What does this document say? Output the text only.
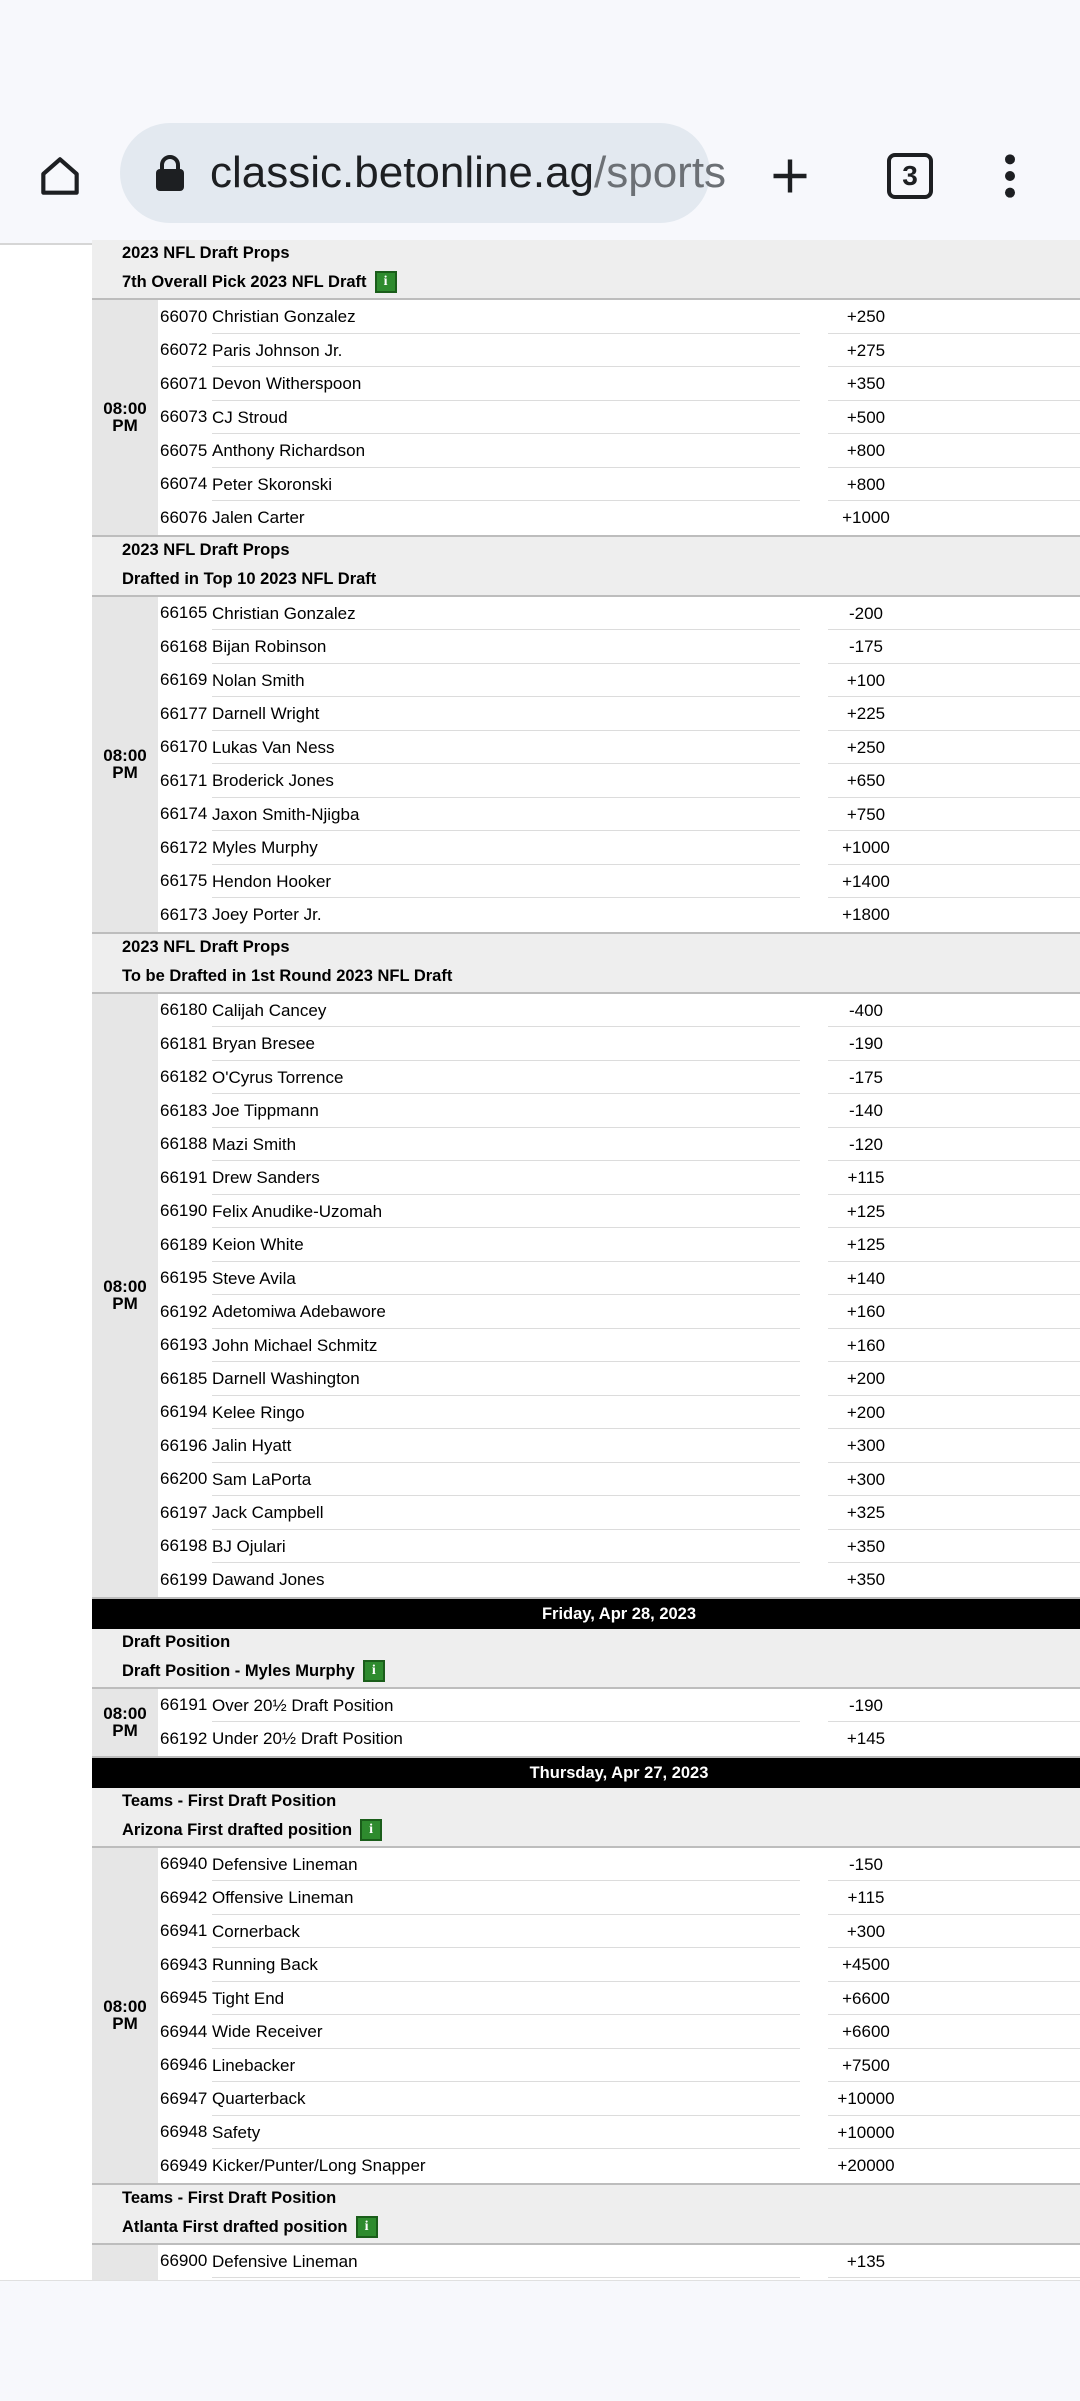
classic.betonline.ag/sports	3
2023 NFL Draft Props
7th Overall Pick 2023 NFL Draft	i
08:00
PM
66070 Christian Gonzalez	+250
66072 Paris Johnson Jr.	+275
66071 Devon Witherspoon	+350
66073 CJ Stroud	+500
66075 Anthony Richardson	+800
66074 Peter Skoronski	+800
66076 Jalen Carter	+1000
2023 NFL Draft Props
Drafted in Top 10 2023 NFL Draft
08:00
PM
66165 Christian Gonzalez	-200
66168 Bijan Robinson	-175
66169 Nolan Smith	+100
66177 Darnell Wright	+225
66170 Lukas Van Ness	+250
66171 Broderick Jones	+650
66174 Jaxon Smith-Njigba	+750
66172 Myles Murphy	+1000
66175 Hendon Hooker	+1400
66173 Joey Porter Jr.	+1800
2023 NFL Draft Props
To be Drafted in 1st Round 2023 NFL Draft
08:00
PM
66180 Calijah Cancey	-400
66181 Bryan Bresee	-190
66182 O'Cyrus Torrence	-175
66183 Joe Tippmann	-140
66188 Mazi Smith	-120
66191 Drew Sanders	+115
66190 Felix Anudike-Uzomah	+125
66189 Keion White	+125
66195 Steve Avila	+140
66192 Adetomiwa Adebawore	+160
66193 John Michael Schmitz	+160
66185 Darnell Washington	+200
66194 Kelee Ringo	+200
66196 Jalin Hyatt	+300
66200 Sam LaPorta	+300
66197 Jack Campbell	+325
66198 BJ Ojulari	+350
66199 Dawand Jones	+350
Friday, Apr 28, 2023
Draft Position
Draft Position - Myles Murphy	i
08:00
PM
66191 Over 20½ Draft Position	-190
66192 Under 20½ Draft Position	+145
Thursday, Apr 27, 2023
Teams - First Draft Position
Arizona First drafted position	i
08:00
PM
66940 Defensive Lineman	-150
66942 Offensive Lineman	+115
66941 Cornerback	+300
66943 Running Back	+4500
66945 Tight End	+6600
66944 Wide Receiver	+6600
66946 Linebacker	+7500
66947 Quarterback	+10000
66948 Safety	+10000
66949 Kicker/Punter/Long Snapper	+20000
Teams - First Draft Position
Atlanta First drafted position	i

66900 Defensive Lineman	+135
